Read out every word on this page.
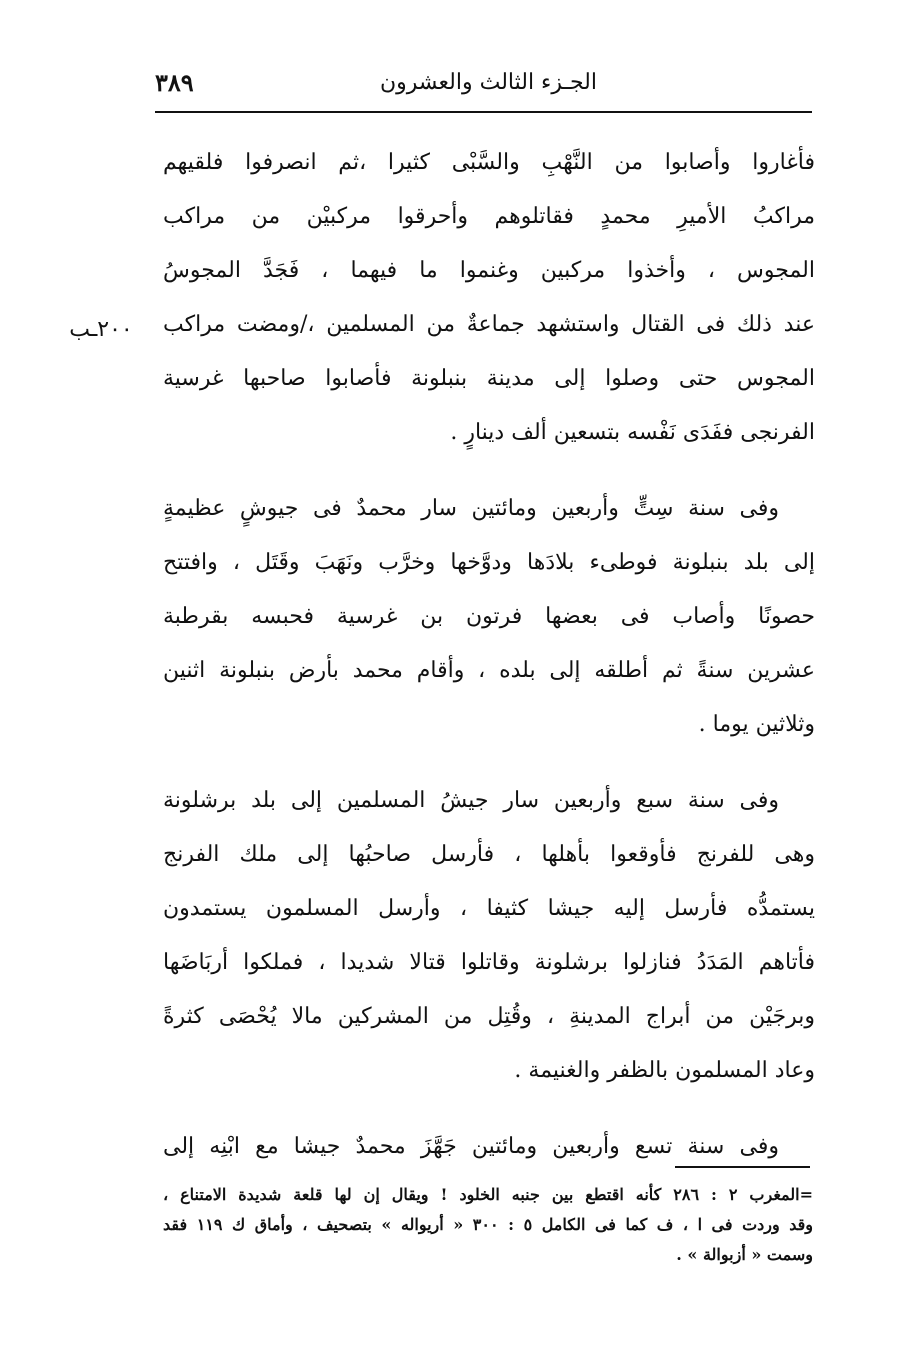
الجـزء الثالث والعشرون
٣٨٩
٢٠٠ـب
فأغاروا وأصابوا من النَّهْبِ والسَّبْى كثيرا ،ثم انصرفوا فلقيهم
مراكبُ الأميرِ محمدٍ فقاتلوهم وأحرقوا مركبيْن من مراكب
المجوس ، وأخذوا مركبين وغنموا ما فيهما ، فَجَدَّ المجوسُ
عند ذلك فى القتال واستشهد جماعةٌ من المسلمين ،/ومضت مراكب
المجوس حتى وصلوا إلى مدينة بنبلونة فأصابوا صاحبها غرسية
الفرنجى ففَدَى نَفْسه بتسعين ألف دينارٍ .
وفى سنة سِتٍّ وأربعين ومائتين سار محمدٌ فى جيوشٍ عظيمةٍ
إلى بلد بنبلونة فوطىء بلادَها ودوَّخها وخرَّب ونَهَبَ وقَتَل ، وافتتح
حصونًا وأصاب فى بعضها فرتون بن غرسية فحبسه بقرطبة
عشرين سنةً ثم أطلقه إلى بلده ، وأقام محمد بأرض بنبلونة اثنين
وثلاثين يوما .
وفى سنة سبع وأربعين سار جيشُ المسلمين إلى بلد برشلونة
وهى للفرنج فأوقعوا بأهلها ، فأرسل صاحبُها إلى ملك الفرنج
يستمدُّه فأرسل إليه جيشا كثيفا ، وأرسل المسلمون يستمدون
فأتاهم المَدَدُ فنازلوا برشلونة وقاتلوا قتالا شديدا ، فملكوا أربَاضَها
وبرجَيْن من أبراج المدينةِ ، وقُتِل من المشركين مالا يُحْصَى كثرةً
وعاد المسلمون بالظفر والغنيمة .
وفى سنة تسع وأربعين ومائتين جَهَّزَ محمدٌ جيشا مع ابْنِه إلى
=المغرب ٢ : ٢٨٦ كأنه اقتطع بين جنبه الخلود ! ويقال إن لها قلعة شديدة الامتناع ،
وقد وردت فى ا ، ف كما فى الكامل ٥ : ٣٠٠ « أريواله » بتصحيف ، وأماق ك ١١٩ فقد
وسمت « أزبوالة » .
